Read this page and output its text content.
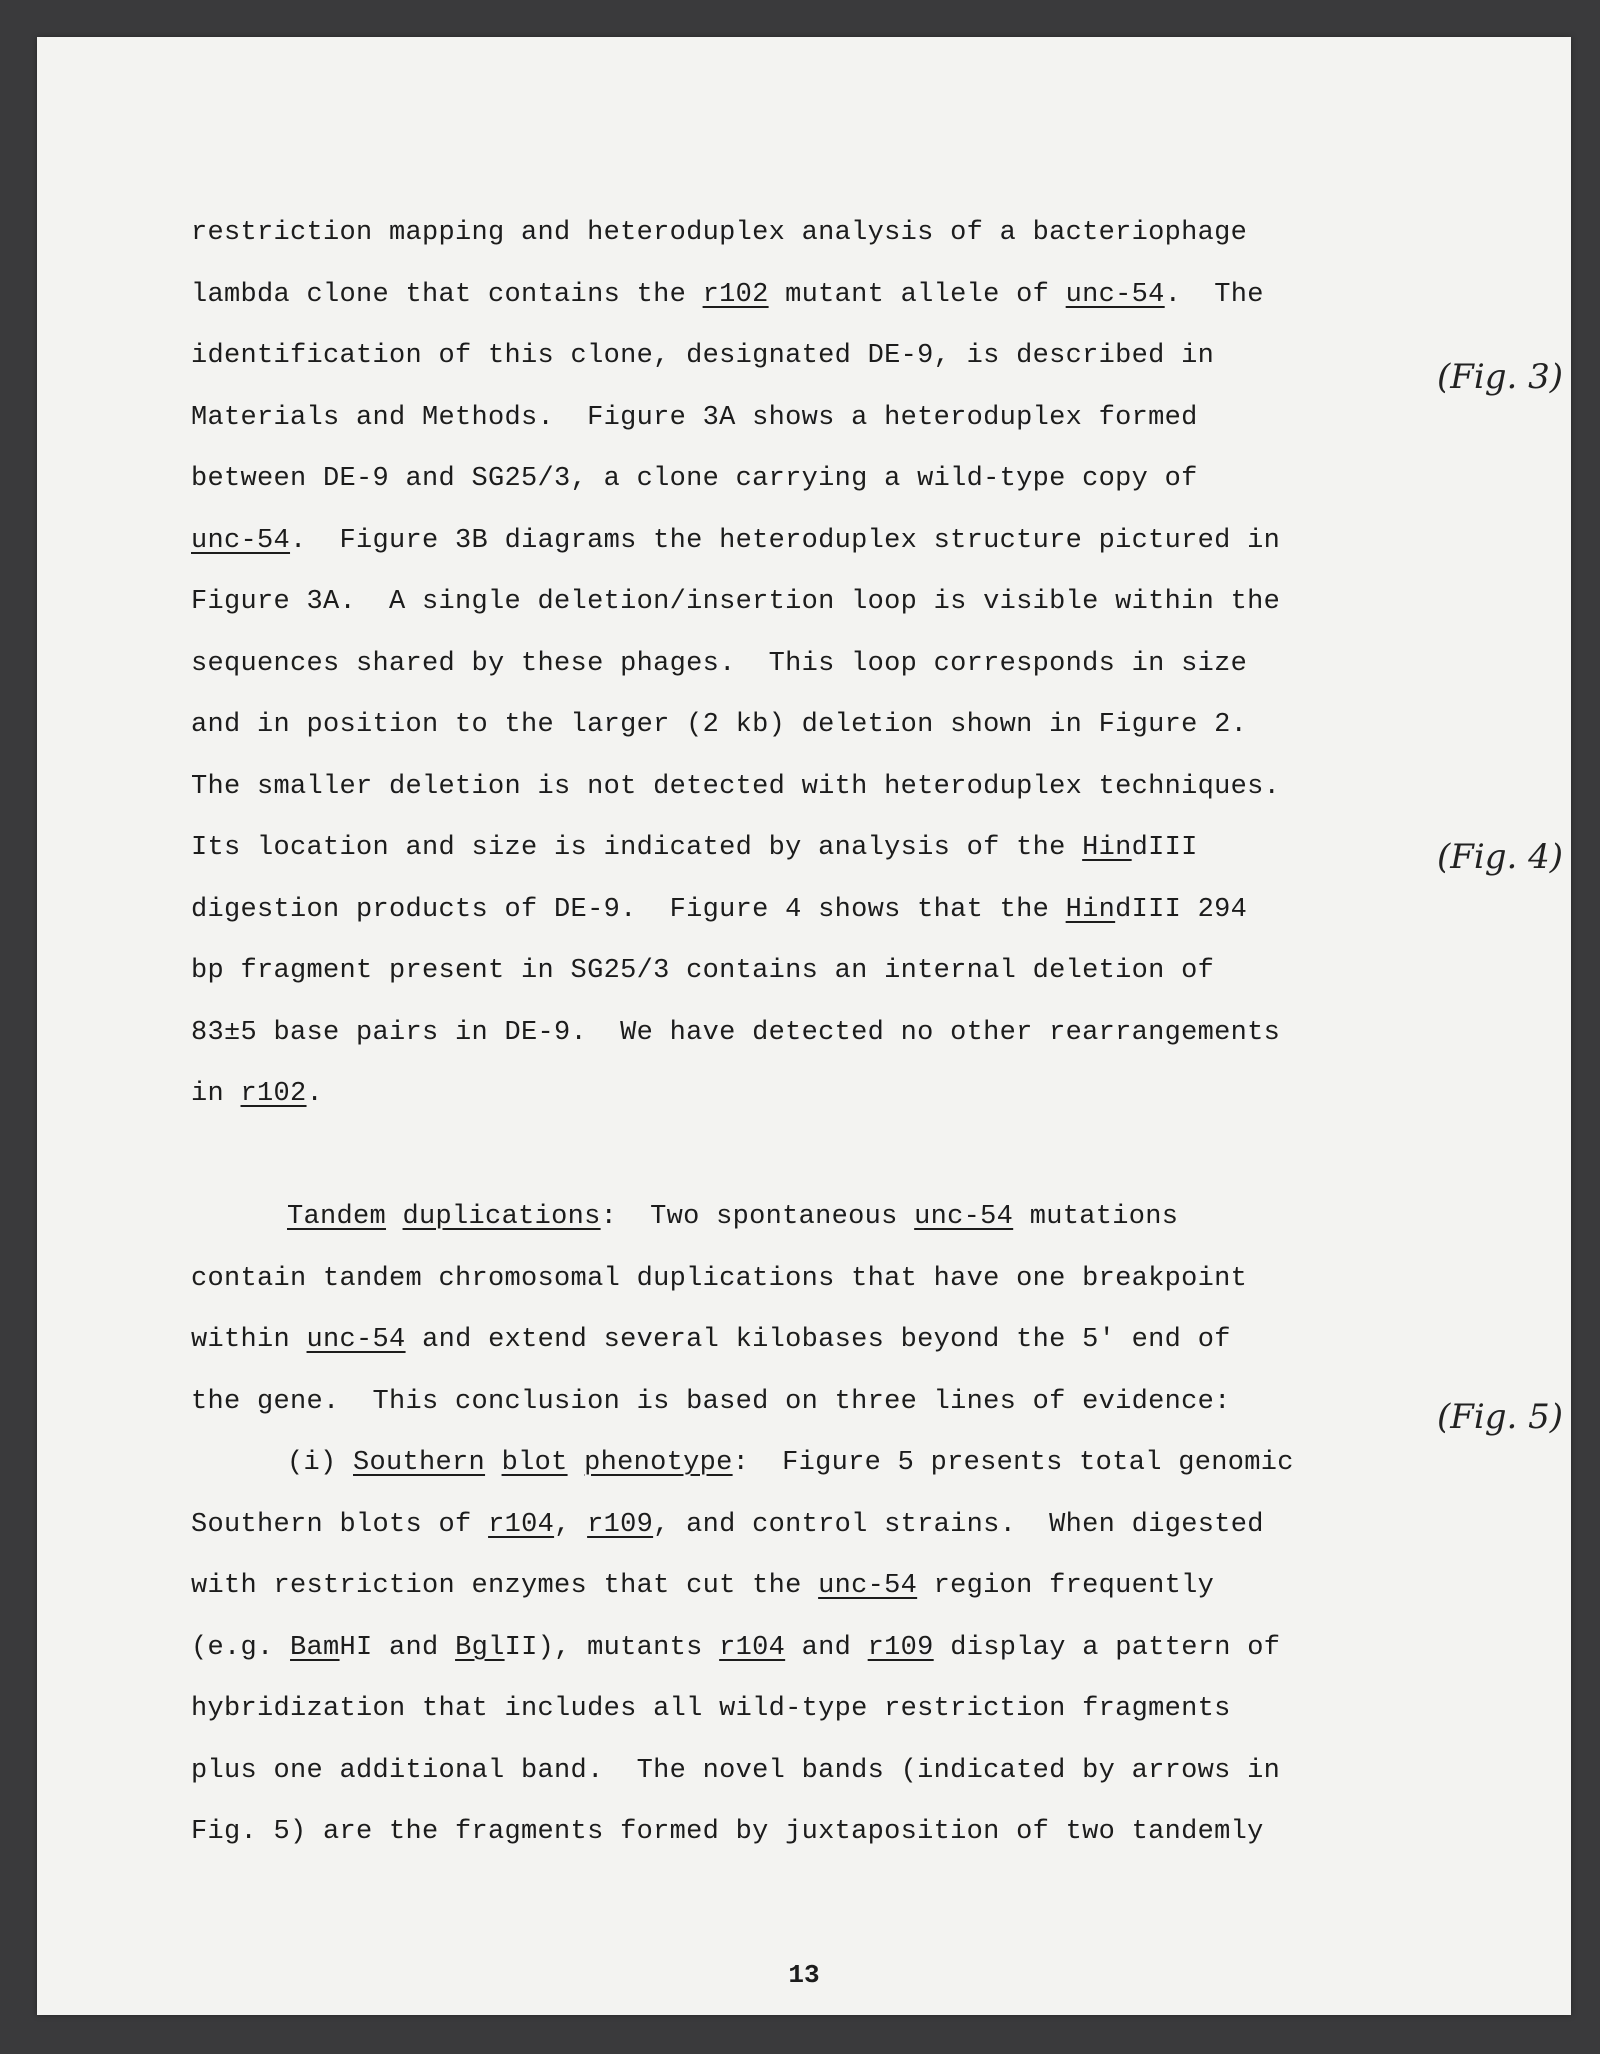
restriction mapping and heteroduplex analysis of a bacteriophage
lambda clone that contains the r102 mutant allele of unc-54.  The
identification of this clone, designated DE-9, is described in
Materials and Methods.  Figure 3A shows a heteroduplex formed
between DE-9 and SG25/3, a clone carrying a wild-type copy of
unc-54.  Figure 3B diagrams the heteroduplex structure pictured in
Figure 3A.  A single deletion/insertion loop is visible within the
sequences shared by these phages.  This loop corresponds in size
and in position to the larger (2 kb) deletion shown in Figure 2.
The smaller deletion is not detected with heteroduplex techniques.
Its location and size is indicated by analysis of the HindIII
digestion products of DE-9.  Figure 4 shows that the HindIII 294
bp fragment present in SG25/3 contains an internal deletion of
83±5 base pairs in DE-9.  We have detected no other rearrangements
in r102.
Tandem duplications:  Two spontaneous unc-54 mutations
contain tandem chromosomal duplications that have one breakpoint
within unc-54 and extend several kilobases beyond the 5' end of
the gene.  This conclusion is based on three lines of evidence:
(i) Southern blot phenotype:  Figure 5 presents total genomic
Southern blots of r104, r109, and control strains.  When digested
with restriction enzymes that cut the unc-54 region frequently
(e.g. BamHI and BglII), mutants r104 and r109 display a pattern of
hybridization that includes all wild-type restriction fragments
plus one additional band.  The novel bands (indicated by arrows in
Fig. 5) are the fragments formed by juxtaposition of two tandemly
(Fig. 3)
(Fig. 4)
(Fig. 5)
13
